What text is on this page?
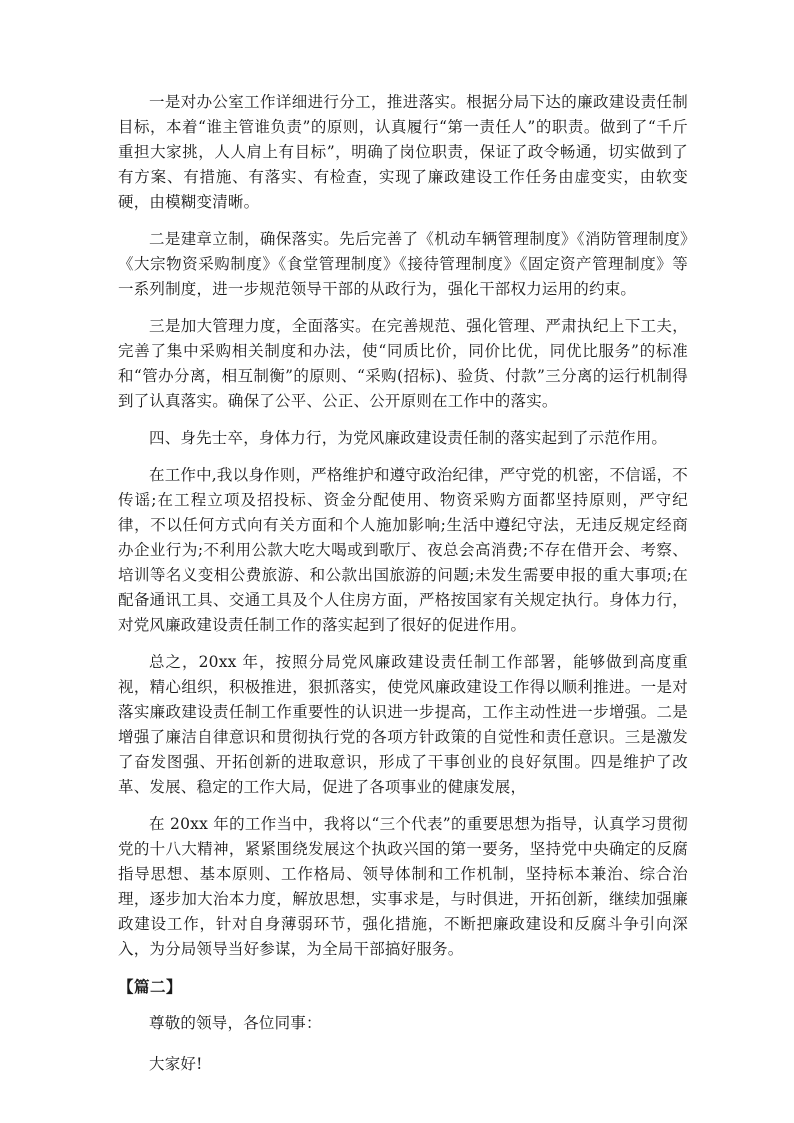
一是对办公室工作详细进行分工，推进落实。根据分局下达的廉政建设责任制目标，本着“谁主管谁负责”的原则，认真履行“第一责任人”的职责。做到了“千斤重担大家挑，人人肩上有目标”，明确了岗位职责，保证了政令畅通，切实做到了有方案、有措施、有落实、有检查，实现了廉政建设工作任务由虚变实，由软变硬，由模糊变清晰。

二是建章立制，确保落实。先后完善了《机动车辆管理制度》《消防管理制度》《大宗物资采购制度》《食堂管理制度》《接待管理制度》《固定资产管理制度》等一系列制度，进一步规范领导干部的从政行为，强化干部权力运用的约束。

三是加大管理力度，全面落实。在完善规范、强化管理、严肃执纪上下工夫，完善了集中采购相关制度和办法，使“同质比价，同价比优，同优比服务”的标准和“管办分离，相互制衡”的原则、“采购(招标)、验货、付款”三分离的运行机制得到了认真落实。确保了公平、公正、公开原则在工作中的落实。

四、身先士卒，身体力行，为党风廉政建设责任制的落实起到了示范作用。

在工作中,我以身作则，严格维护和遵守政治纪律，严守党的机密，不信谣，不传谣;在工程立项及招投标、资金分配使用、物资采购方面都坚持原则，严守纪律，不以任何方式向有关方面和个人施加影响;生活中遵纪守法，无违反规定经商办企业行为;不利用公款大吃大喝或到歌厅、夜总会高消费;不存在借开会、考察、培训等名义变相公费旅游、和公款出国旅游的问题;未发生需要申报的重大事项;在配备通讯工具、交通工具及个人住房方面，严格按国家有关规定执行。身体力行，对党风廉政建设责任制工作的落实起到了很好的促进作用。

总之，20xx 年，按照分局党风廉政建设责任制工作部署，能够做到高度重视，精心组织，积极推进，狠抓落实，使党风廉政建设工作得以顺利推进。一是对落实廉政建设责任制工作重要性的认识进一步提高，工作主动性进一步增强。二是增强了廉洁自律意识和贯彻执行党的各项方针政策的自觉性和责任意识。三是激发了奋发图强、开拓创新的进取意识，形成了干事创业的良好氛围。四是维护了改革、发展、稳定的工作大局，促进了各项事业的健康发展，

在 20xx 年的工作当中，我将以“三个代表”的重要思想为指导，认真学习贯彻党的十八大精神，紧紧围绕发展这个执政兴国的第一要务，坚持党中央确定的反腐指导思想、基本原则、工作格局、领导体制和工作机制，坚持标本兼治、综合治理，逐步加大治本力度，解放思想，实事求是，与时俱进，开拓创新，继续加强廉政建设工作，针对自身薄弱环节，强化措施，不断把廉政建设和反腐斗争引向深入，为分局领导当好参谋，为全局干部搞好服务。

【篇二】

尊敬的领导，各位同事：

大家好!
